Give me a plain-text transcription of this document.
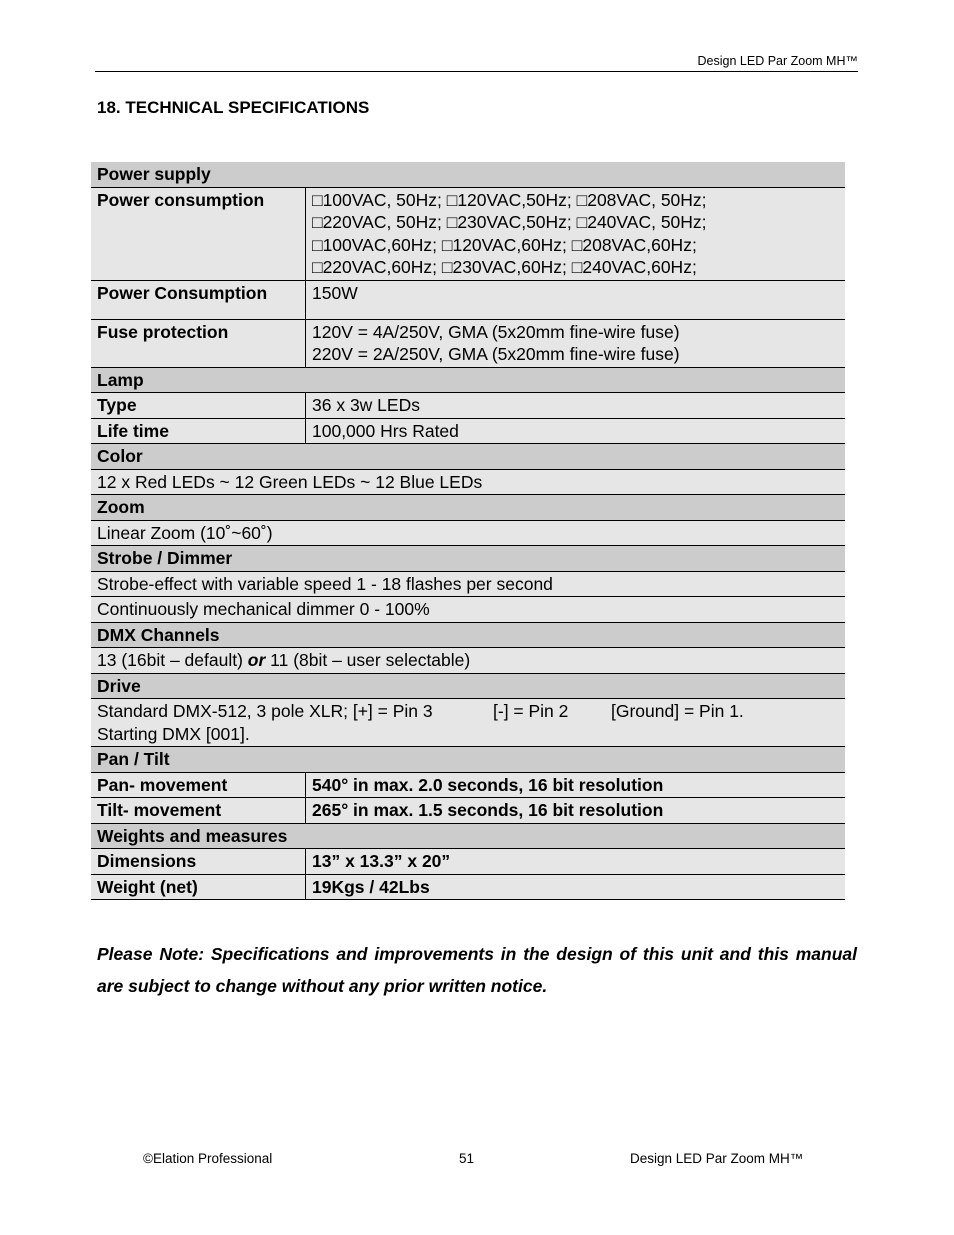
Design LED Par Zoom MH™
18. TECHNICAL SPECIFICATIONS
Power supply	
Power consumption	□100VAC, 50Hz; □120VAC,50Hz; □208VAC, 50Hz;
□220VAC, 50Hz; □230VAC,50Hz; □240VAC, 50Hz;
□100VAC,60Hz; □120VAC,60Hz; □208VAC,60Hz;
□220VAC,60Hz; □230VAC,60Hz; □240VAC,60Hz;

Power Consumption	150W
Fuse protection	120V = 4A/250V, GMA (5x20mm fine-wire fuse)
220V = 2A/250V, GMA (5x20mm fine-wire fuse)

Lamp	
Type	36 x 3w LEDs
Life time	100,000 Hrs Rated
Color	
12 x Red LEDs ~ 12 Green LEDs ~ 12 Blue LEDs	
Zoom	
Linear Zoom (10˚~60˚)	
Strobe / Dimmer	
Strobe-effect with variable speed 1 - 18 flashes per second	
Continuously mechanical dimmer 0 - 100%	
DMX Channels	
13 (16bit – default) or 11 (8bit – user selectable)	
Drive	

Standard DMX-512, 3 pole XLR; [+] = Pin 3 [-] = Pin 2 [Ground] = Pin 1.
Starting DMX [001].	

Pan / Tilt	
Pan- movement	540° in max. 2.0 seconds, 16 bit resolution
Tilt- movement	265° in max. 1.5 seconds, 16 bit resolution
Weights and measures	
Dimensions	13” x 13.3” x 20”
Weight (net)	19Kgs / 42Lbs
Please Note: Specifications and improvements in the design of this unit and this manual are subject to change without any prior written notice.
©Elation Professional	51	Design LED Par Zoom MH™
